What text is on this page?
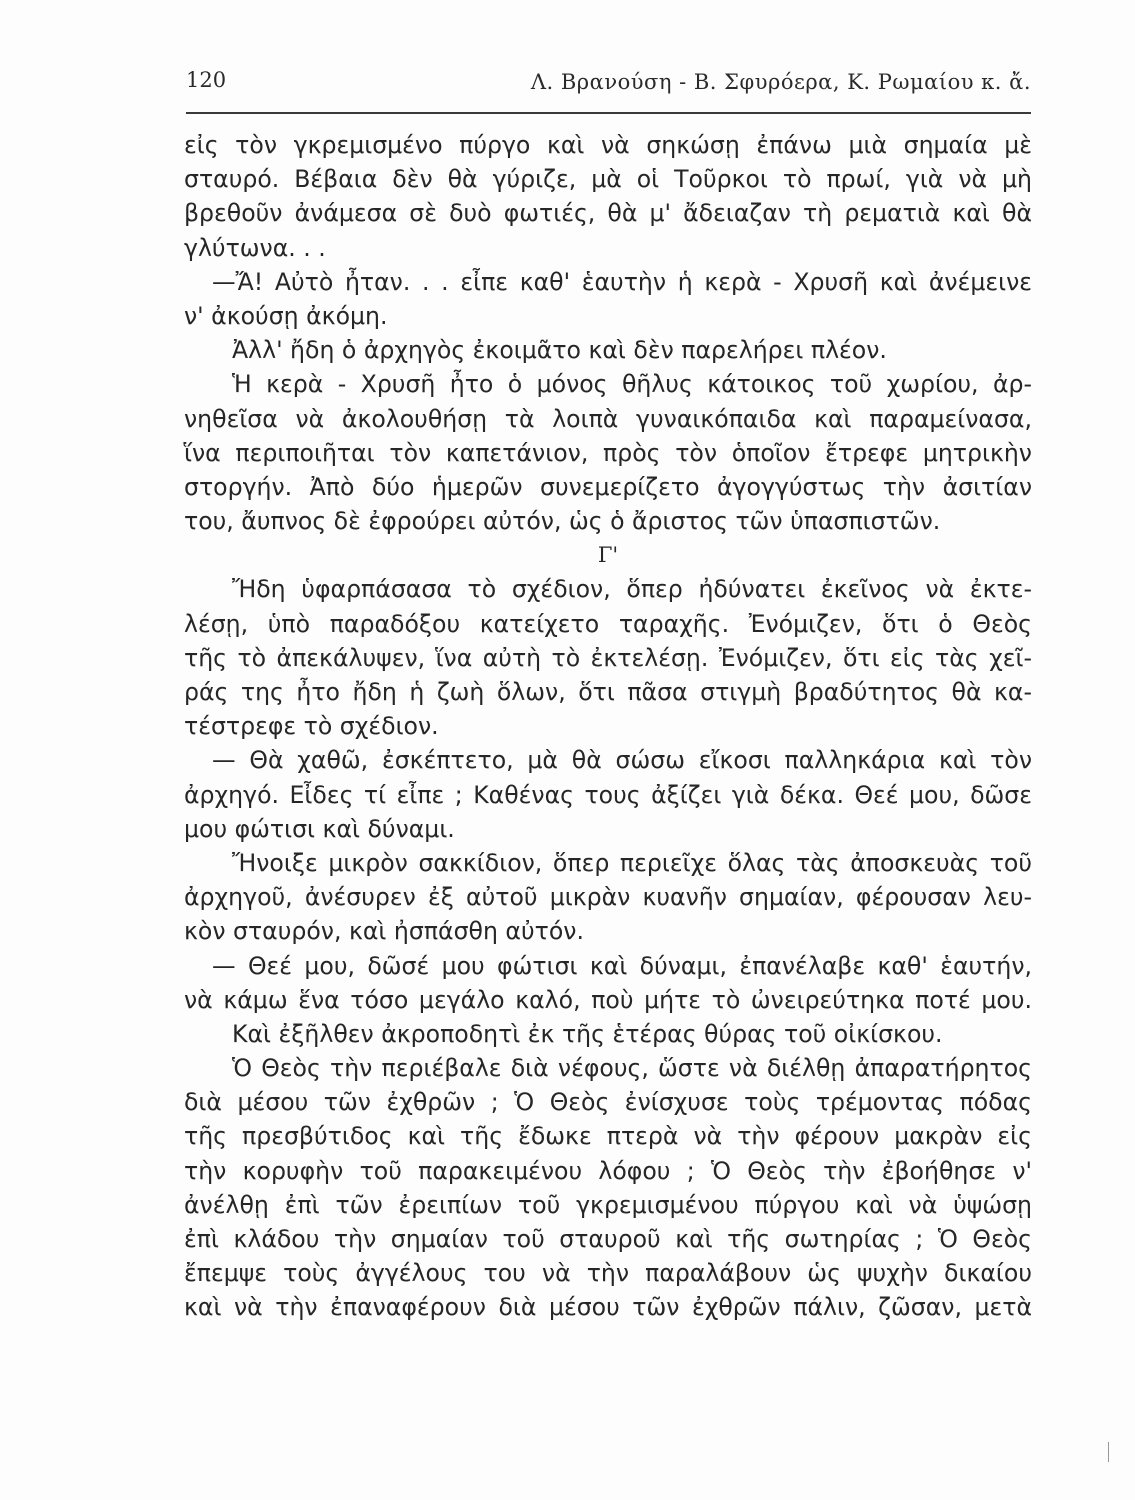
120	Λ. Βρανούση - Β. Σφυρόερα, Κ. Ρωμαίου κ. ἄ.
εἰς τὸν γκρεμισμένο πύργο καὶ νὰ σηκώσῃ ἐπάνω μιὰ σημαία μὲ
σταυρό. Βέβαια δὲν θὰ γύριζε, μὰ οἱ Τοῦρκοι τὸ πρωί, γιὰ νὰ μὴ
βρεθοῦν ἀνάμεσα σὲ δυὸ φωτιές, θὰ μ' ἄδειαζαν τὴ ρεματιὰ καὶ θὰ
γλύτωνα. . .
—Ἄ! Αὐτὸ ἦταν. . . εἶπε καθ' ἑαυτὴν ἡ κερὰ - Χρυσῆ καὶ ἀνέμεινε
ν' ἀκούσῃ ἀκόμη.
Ἀλλ' ἤδη ὁ ἀρχηγὸς ἐκοιμᾶτο καὶ δὲν παρελήρει πλέον.
Ἡ κερὰ - Χρυσῆ ἦτο ὁ μόνος θῆλυς κάτοικος τοῦ χωρίου, ἀρ-
νηθεῖσα νὰ ἀκολουθήσῃ τὰ λοιπὰ γυναικόπαιδα καὶ παραμείνασα,
ἵνα περιποιῆται τὸν καπετάνιον, πρὸς τὸν ὁποῖον ἔτρεφε μητρικὴν
στοργήν. Ἀπὸ δύο ἡμερῶν συνεμερίζετο ἀγογγύστως τὴν ἀσιτίαν
του, ἄυπνος δὲ ἐφρούρει αὐτόν, ὡς ὁ ἄριστος τῶν ὑπασπιστῶν.
Γ'
Ἤδη ὑφαρπάσασα τὸ σχέδιον, ὅπερ ἠδύνατει ἐκεῖνος νὰ ἐκτε-
λέσῃ, ὑπὸ παραδόξου κατείχετο ταραχῆς. Ἐνόμιζεν, ὅτι ὁ Θεὸς
τῆς τὸ ἀπεκάλυψεν, ἵνα αὐτὴ τὸ ἐκτελέσῃ. Ἐνόμιζεν, ὅτι εἰς τὰς χεῖ-
ράς της ἦτο ἤδη ἡ ζωὴ ὅλων, ὅτι πᾶσα στιγμὴ βραδύτητος θὰ κα-
τέστρεφε τὸ σχέδιον.
— Θὰ χαθῶ, ἐσκέπτετο, μὰ θὰ σώσω εἴκοσι παλληκάρια καὶ τὸν
ἀρχηγό. Εἶδες τί εἶπε ; Καθένας τους ἀξίζει γιὰ δέκα. Θεέ μου, δῶσε
μου φώτισι καὶ δύναμι.
Ἤνοιξε μικρὸν σακκίδιον, ὅπερ περιεῖχε ὅλας τὰς ἀποσκευὰς τοῦ
ἀρχηγοῦ, ἀνέσυρεν ἐξ αὐτοῦ μικρὰν κυανῆν σημαίαν, φέρουσαν λευ-
κὸν σταυρόν, καὶ ἠσπάσθη αὐτόν.
— Θεέ μου, δῶσέ μου φώτισι καὶ δύναμι, ἐπανέλαβε καθ' ἑαυτήν,
νὰ κάμω ἕνα τόσο μεγάλο καλό, ποὺ μήτε τὸ ὠνειρεύτηκα ποτέ μου.
Καὶ ἐξῆλθεν ἀκροποδητὶ ἐκ τῆς ἑτέρας θύρας τοῦ οἰκίσκου.
Ὁ Θεὸς τὴν περιέβαλε διὰ νέφους, ὥστε νὰ διέλθῃ ἀπαρατήρητος
διὰ μέσου τῶν ἐχθρῶν ; Ὁ Θεὸς ἐνίσχυσε τοὺς τρέμοντας πόδας
τῆς πρεσβύτιδος καὶ τῆς ἔδωκε πτερὰ νὰ τὴν φέρουν μακρὰν εἰς
τὴν κορυφὴν τοῦ παρακειμένου λόφου ; Ὁ Θεὸς τὴν ἐβοήθησε ν'
ἀνέλθῃ ἐπὶ τῶν ἐρειπίων τοῦ γκρεμισμένου πύργου καὶ νὰ ὑψώσῃ
ἐπὶ κλάδου τὴν σημαίαν τοῦ σταυροῦ καὶ τῆς σωτηρίας ; Ὁ Θεὸς
ἔπεμψε τοὺς ἀγγέλους του νὰ τὴν παραλάβουν ὡς ψυχὴν δικαίου
καὶ νὰ τὴν ἐπαναφέρουν διὰ μέσου τῶν ἐχθρῶν πάλιν, ζῶσαν, μετὰ
